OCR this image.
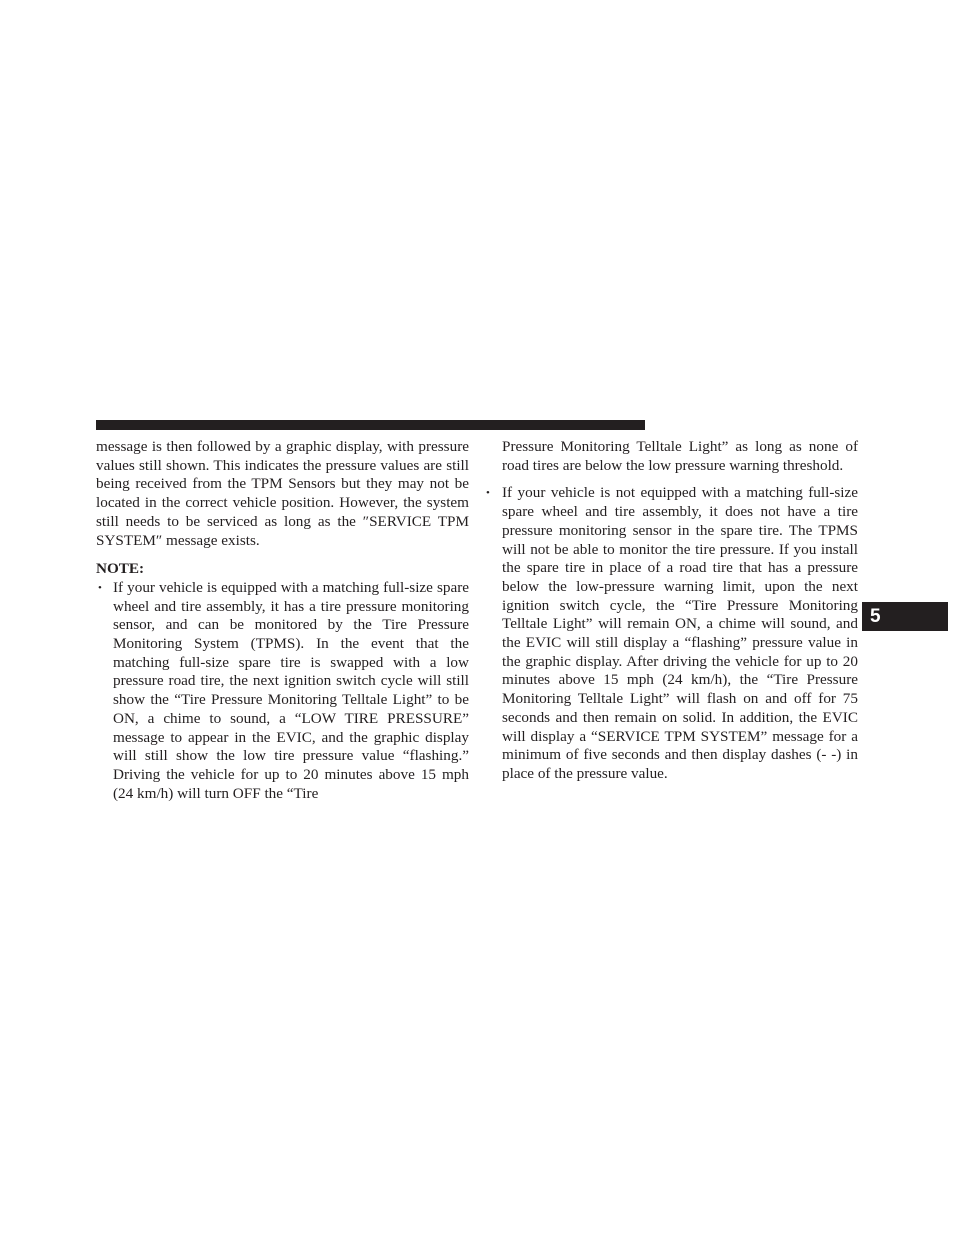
message is then followed by a graphic display, with pressure values still shown. This indicates the pressure values are still being received from the TPM Sensors but they may not be located in the correct vehicle position. However, the system still needs to be serviced as long as the ″SERVICE TPM SYSTEM″ message exists.

NOTE:

• If your vehicle is equipped with a matching full-size spare wheel and tire assembly, it has a tire pressure monitoring sensor, and can be monitored by the Tire Pressure Monitoring System (TPMS). In the event that the matching full-size spare tire is swapped with a low pressure road tire, the next ignition switch cycle will still show the “Tire Pressure Monitoring Telltale Light” to be ON, a chime to sound, a “LOW TIRE PRESSURE” message to appear in the EVIC, and the graphic display will still show the low tire pressure value “flashing.” Driving the vehicle for up to 20 minutes above 15 mph (24 km/h) will turn OFF the “Tire

Pressure Monitoring Telltale Light” as long as none of road tires are below the low pressure warning threshold.

• If your vehicle is not equipped with a matching full-size spare wheel and tire assembly, it does not have a tire pressure monitoring sensor in the spare tire. The TPMS will not be able to monitor the tire pressure. If you install the spare tire in place of a road tire that has a pressure below the low-pressure warning limit, upon the next ignition switch cycle, the “Tire Pressure Monitoring Telltale Light” will remain ON, a chime will sound, and the EVIC will still display a “flashing” pressure value in the graphic display. After driving the vehicle for up to 20 minutes above 15 mph (24 km/h), the “Tire Pressure Monitoring Telltale Light” will flash on and off for 75 seconds and then remain on solid. In addition, the EVIC will display a “SERVICE TPM SYSTEM” message for a minimum of five seconds and then display dashes (- -) in place of the pressure value.

5
